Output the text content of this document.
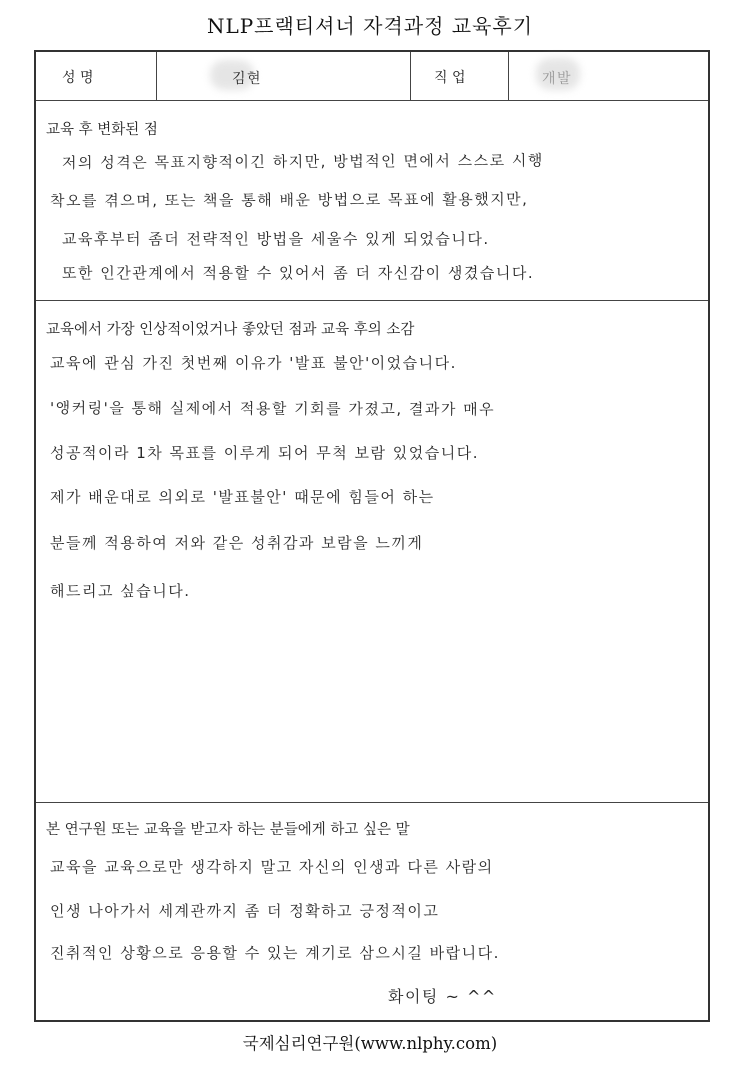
NLP프랙티셔너 자격과정 교육후기
성 명	김현	직 업	개발
교육 후 변화된 점
저의 성격은 목표지향적이긴 하지만, 방법적인 면에서 스스로 시행
착오를 겪으며, 또는 책을 통해 배운 방법으로 목표에 활용했지만,
교육후부터 좀더 전략적인 방법을 세울수 있게 되었습니다.
또한 인간관계에서 적용할 수 있어서 좀 더 자신감이 생겼습니다.
교육에서 가장 인상적이었거나 좋았던 점과 교육 후의 소감
교육에 관심 가진 첫번째 이유가 '발표 불안'이었습니다.
'앵커링'을 통해 실제에서 적용할 기회를 가졌고, 결과가 매우
성공적이라 1차 목표를 이루게 되어 무척 보람 있었습니다.
제가 배운대로 의외로 '발표불안' 때문에 힘들어 하는
분들께 적용하여 저와 같은 성취감과 보람을 느끼게
해드리고 싶습니다.
본 연구원 또는 교육을 받고자 하는 분들에게 하고 싶은 말
교육을 교육으로만 생각하지 말고 자신의 인생과 다른 사람의
인생 나아가서 세계관까지 좀 더 정확하고 긍정적이고
진취적인 상황으로 응용할 수 있는 계기로 삼으시길 바랍니다.
화이팅 ~ ^^
국제심리연구원(www.nlphy.com)
